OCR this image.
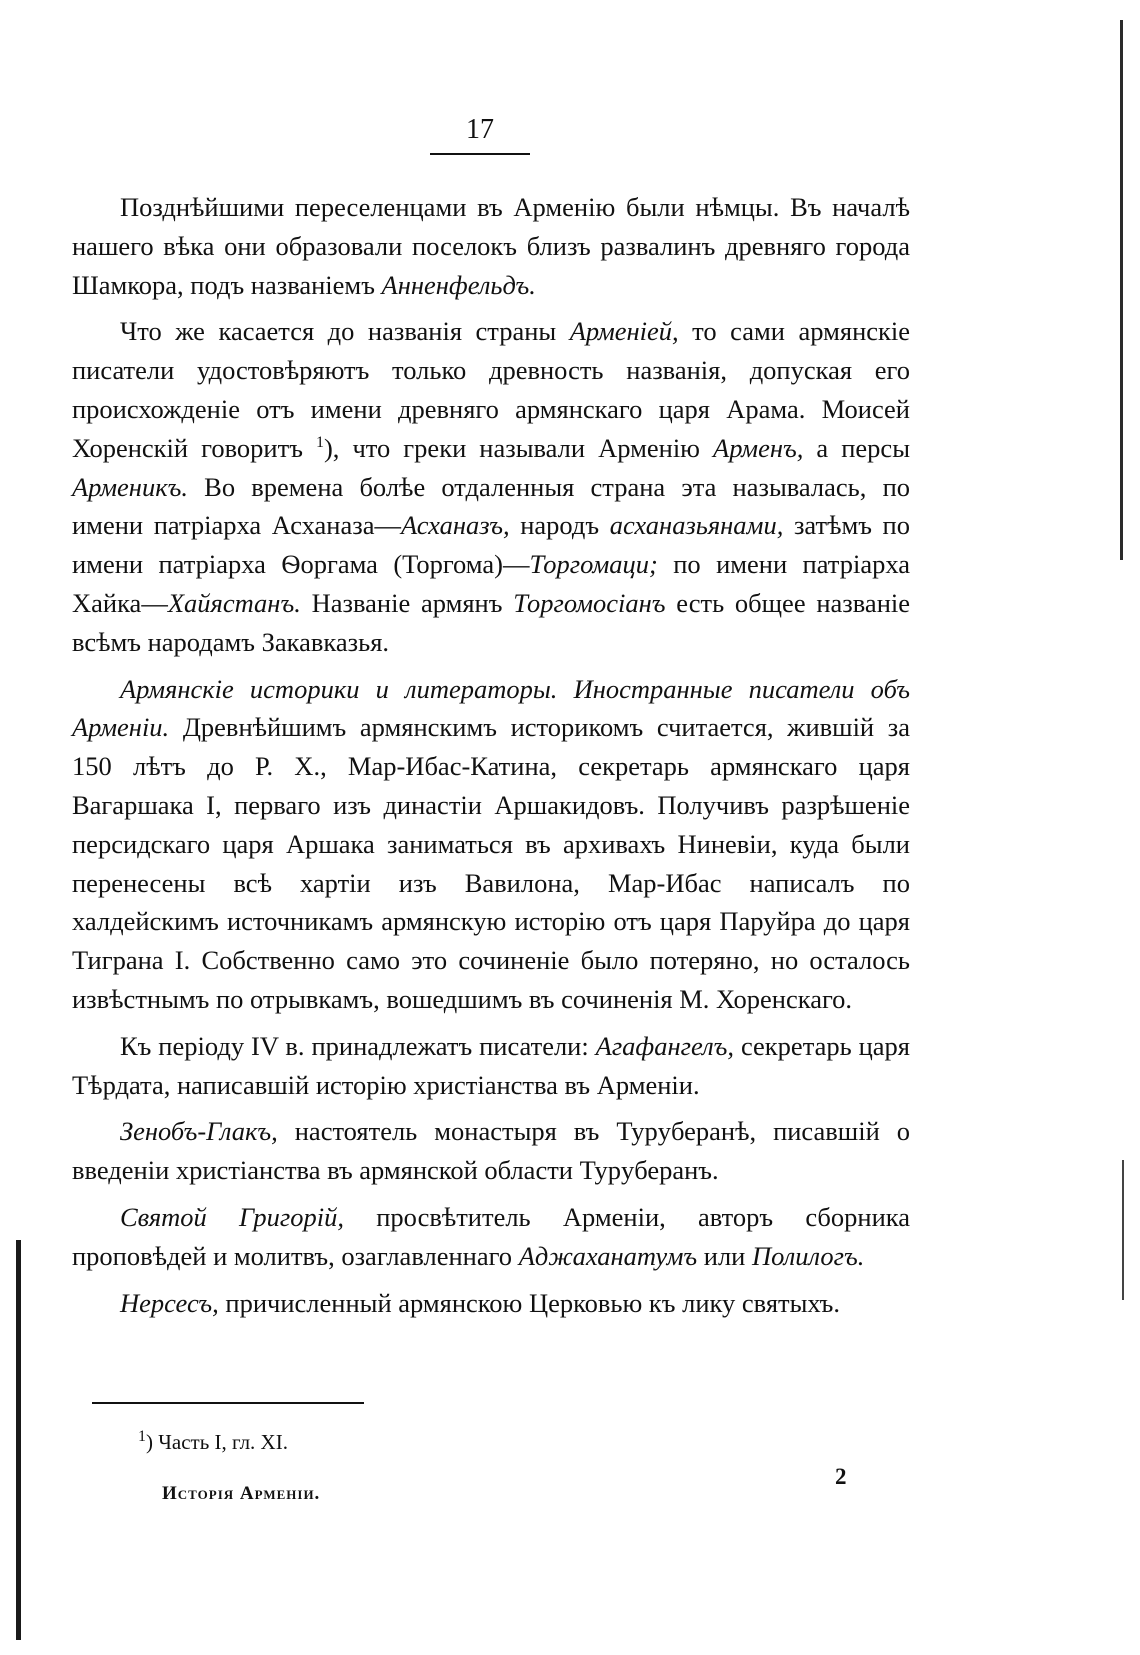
17

Позднѣйшими переселенцами въ Арменію были нѣмцы. Въ началѣ нашего вѣка они образовали поселокъ близъ развалинъ древняго города Шамкора, подъ названіемъ Анненфельдъ.

Что же касается до названія страны Арменіей, то сами армянскіе писатели удостовѣряютъ только древность названія, допуская его происхожденіе отъ имени древняго армянскаго царя Арама. Моисей Хоренскій говоритъ $^1$), что греки называли Арменію Арменъ, а персы Арменикъ. Во времена болѣе отдаленныя страна эта называлась, по имени патріарха Асханаза—Асханазъ, народъ асханазьянами, затѣмъ по имени патріарха Ѳоргама (Торгома)—Торгомаци; по имени патріарха Хайка—Хайястанъ. Названіе армянъ Торгомосіанъ есть общее названіе всѣмъ народамъ Закавказья.

Армянскіе историки и литераторы. Иностранные писатели объ Арменіи. Древнѣйшимъ армянскимъ историкомъ считается, жившій за 150 лѣтъ до Р. Х., Мар-Ибас-Катина, секретарь армянскаго царя Вагаршака I, перваго изъ династіи Аршакидовъ. Получивъ разрѣшеніе персидскаго царя Аршака заниматься въ архивахъ Ниневіи, куда были перенесены всѣ хартіи изъ Вавилона, Мар-Ибас написалъ по халдейскимъ источникамъ армянскую исторію отъ царя Паруйра до царя Тиграна I. Собственно само это сочиненіе было потеряно, но осталось извѣстнымъ по отрывкамъ, вошедшимъ въ сочиненія М. Хоренскаго.

Къ періоду IV в. принадлежатъ писатели: Агафангелъ, секретарь царя Тѣрдата, написавшій исторію христіанства въ Арменіи.

Зенобъ-Глакъ, настоятель монастыря въ Турyберанѣ, писавшій о введеніи христіанства въ армянской области Турyберанъ.

Святой Григорій, просвѣтитель Арменіи, авторъ сборника проповѣдей и молитвъ, озаглавленнаго Аджаханатумъ или Полилогъ.

Нерсесъ, причисленный армянскою Церковью къ лику святыхъ.

$^1$) Часть I, гл. XI.
Исторія Арменіи.
2
